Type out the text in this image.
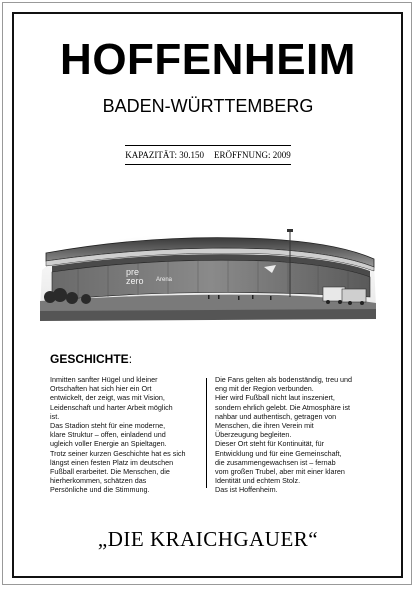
HOFFENHEIM
BADEN-WÜRTTEMBERG
KAPAZITÄT: 30.150 ERÖFFNUNG: 2009
pre
zero Arena
GESCHICHTE:

Inmitten sanfter Hügel und kleiner

Ortschaften hat sich hier ein Ort

entwickelt, der zeigt, was mit Vision,

Leidenschaft und harter Arbeit möglich

ist.

Das Stadion steht für eine moderne,

klare Struktur – offen, einladend und

ugleich voller Energie an Spieltagen.

Trotz seiner kurzen Geschichte hat es sich

längst einen festen Platz im deutschen

Fußball erarbeitet. Die Menschen, die

hierherkommen, schätzen das

Persönliche und die Stimmung.

Die Fans gelten als bodenständig, treu und

eng mit der Region verbunden.

Hier wird Fußball nicht laut inszeniert,

sondern ehrlich gelebt. Die Atmosphäre ist

nahbar und authentisch, getragen von

Menschen, die ihren Verein mit

Überzeugung begleiten.

Dieser Ort steht für Kontinuität, für

Entwicklung und für eine Gemeinschaft,

die zusammengewachsen ist – fernab

vom großen Trubel, aber mit einer klaren

Identität und echtem Stolz.

Das ist Hoffenheim.

„DIE KRAICHGAUER“
